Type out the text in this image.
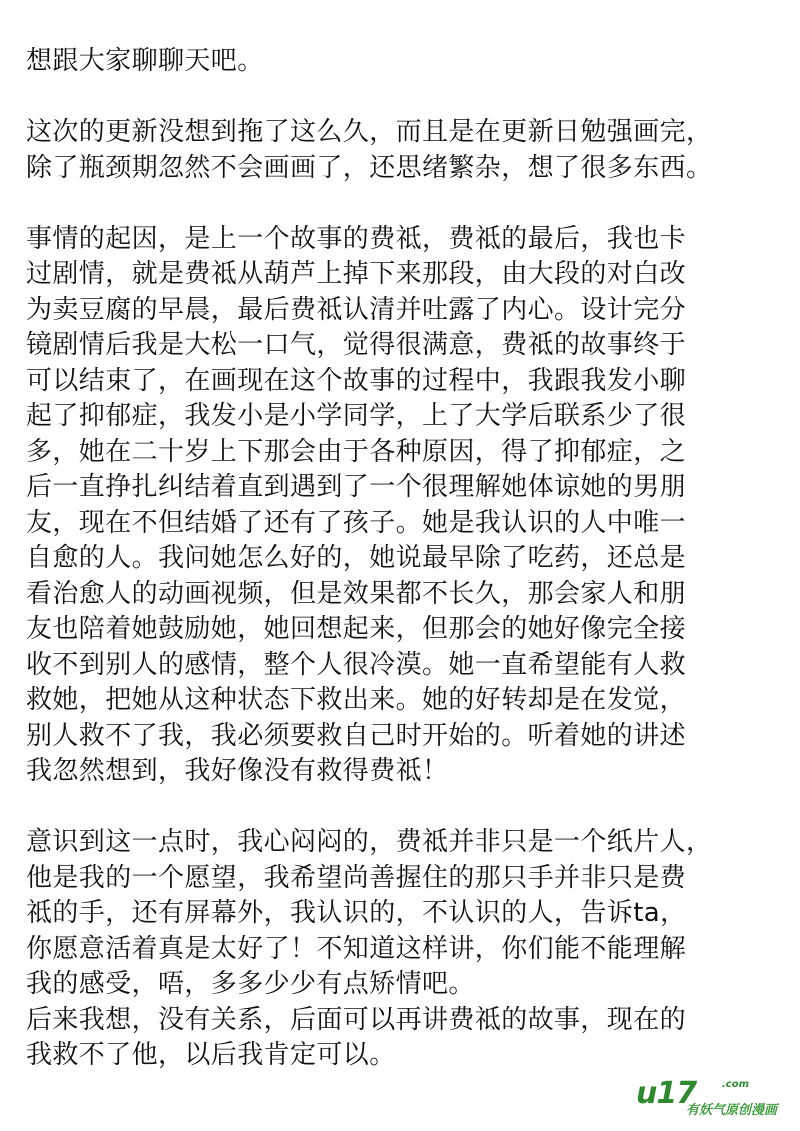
想跟大家聊聊天吧。
这次的更新没想到拖了这么久，而且是在更新日勉强画完，
除了瓶颈期忽然不会画画了，还思绪繁杂，想了很多东西。
事情的起因，是上一个故事的费祗，费祗的最后，我也卡
过剧情，就是费祗从葫芦上掉下来那段，由大段的对白改
为卖豆腐的早晨，最后费祗认清并吐露了内心。设计完分
镜剧情后我是大松一口气，觉得很满意，费祗的故事终于
可以结束了，在画现在这个故事的过程中，我跟我发小聊
起了抑郁症，我发小是小学同学，上了大学后联系少了很
多，她在二十岁上下那会由于各种原因，得了抑郁症，之
后一直挣扎纠结着直到遇到了一个很理解她体谅她的男朋
友，现在不但结婚了还有了孩子。她是我认识的人中唯一
自愈的人。我问她怎么好的，她说最早除了吃药，还总是
看治愈人的动画视频，但是效果都不长久，那会家人和朋
友也陪着她鼓励她，她回想起来，但那会的她好像完全接
收不到别人的感情，整个人很冷漠。她一直希望能有人救
救她，把她从这种状态下救出来。她的好转却是在发觉，
别人救不了我，我必须要救自己时开始的。听着她的讲述
我忽然想到，我好像没有救得费祗！
意识到这一点时，我心闷闷的，费祗并非只是一个纸片人，
他是我的一个愿望，我希望尚善握住的那只手并非只是费
祗的手，还有屏幕外，我认识的，不认识的人，告诉ta，
你愿意活着真是太好了！不知道这样讲，你们能不能理解
我的感受，唔，多多少少有点矫情吧。
后来我想，没有关系，后面可以再讲费祗的故事，现在的
我救不了他，以后我肯定可以。
u17	.com
有妖气原创漫画
